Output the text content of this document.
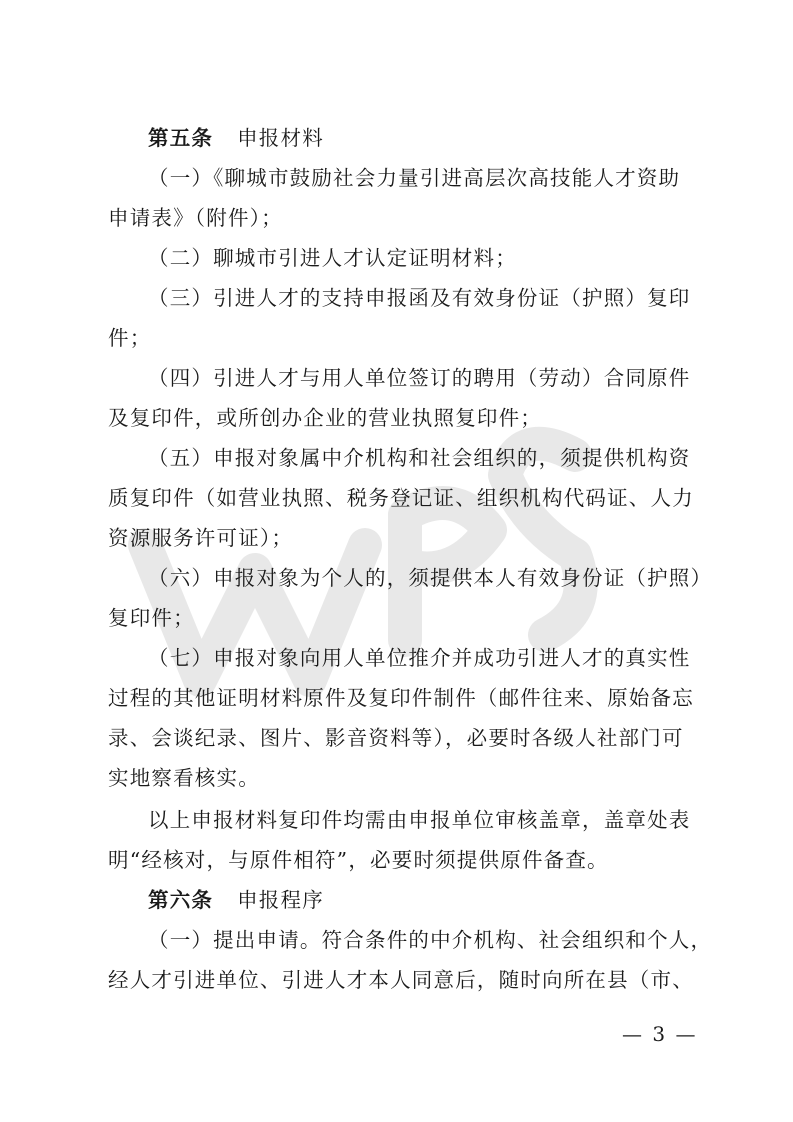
第五条 申报材料
（一）《聊城市鼓励社会力量引进高层次高技能人才资助
申请表》（附件）；
（二）聊城市引进人才认定证明材料；
（三）引进人才的支持申报函及有效身份证（护照）复印
件；
（四）引进人才与用人单位签订的聘用（劳动）合同原件
及复印件，或所创办企业的营业执照复印件；
（五）申报对象属中介机构和社会组织的，须提供机构资
质复印件（如营业执照、税务登记证、组织机构代码证、人力
资源服务许可证）；
（六）申报对象为个人的，须提供本人有效身份证（护照）
复印件；
（七）申报对象向用人单位推介并成功引进人才的真实性
过程的其他证明材料原件及复印件制件（邮件往来、原始备忘
录、会谈纪录、图片、影音资料等），必要时各级人社部门可
实地察看核实。
以上申报材料复印件均需由申报单位审核盖章，盖章处表
明“经核对，与原件相符”，必要时须提供原件备查。
第六条 申报程序
（一）提出申请。符合条件的中介机构、社会组织和个人，
经人才引进单位、引进人才本人同意后，随时向所在县（市、
— 3 —
